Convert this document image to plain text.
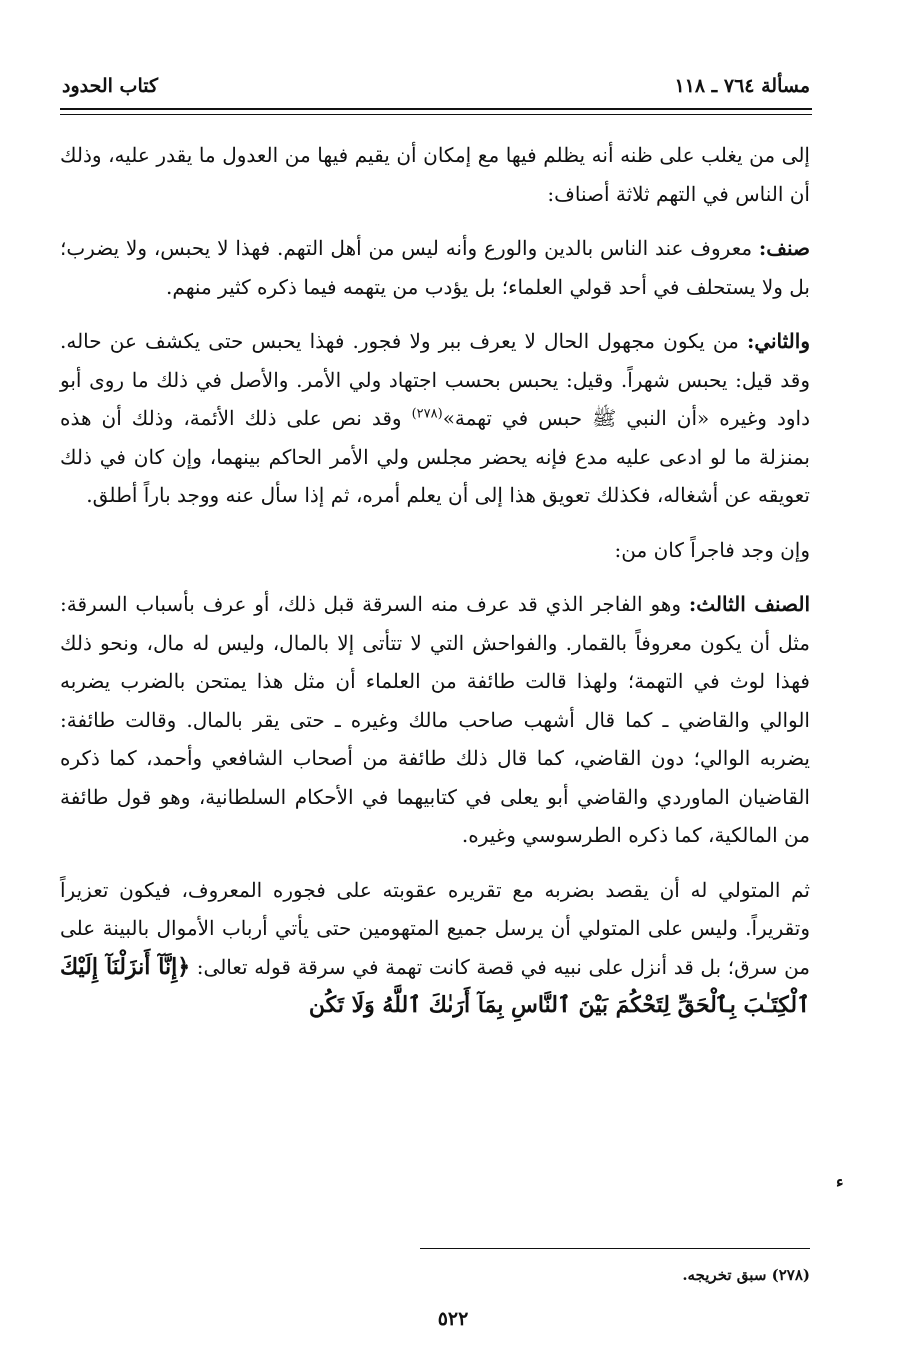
مسألة ٧٦٤ ـ ١١٨
كتاب الحدود

إلى من يغلب على ظنه أنه يظلم فيها مع إمكان أن يقيم فيها من العدول ما يقدر عليه، وذلك أن الناس في التهم ثلاثة أصناف:

صنف: معروف عند الناس بالدين والورع وأنه ليس من أهل التهم. فهذا لا يحبس، ولا يضرب؛ بل ولا يستحلف في أحد قولي العلماء؛ بل يؤدب من يتهمه فيما ذكره كثير منهم.

والثاني: من يكون مجهول الحال لا يعرف ببر ولا فجور. فهذا يحبس حتى يكشف عن حاله. وقد قيل: يحبس شهراً. وقيل: يحبس بحسب اجتهاد ولي الأمر. والأصل في ذلك ما روى أبو داود وغيره «أن النبي ﷺ حبس في تهمة»$^{(٢٧٨)}$ وقد نص على ذلك الأئمة، وذلك أن هذه بمنزلة ما لو ادعى عليه مدع فإنه يحضر مجلس ولي الأمر الحاكم بينهما، وإن كان في ذلك تعويقه عن أشغاله، فكذلك تعويق هذا إلى أن يعلم أمره، ثم إذا سأل عنه ووجد باراً أطلق.

وإن وجد فاجراً كان من:

الصنف الثالث: وهو الفاجر الذي قد عرف منه السرقة قبل ذلك، أو عرف بأسباب السرقة: مثل أن يكون معروفاً بالقمار. والفواحش التي لا تتأتى إلا بالمال، وليس له مال، ونحو ذلك فهذا لوث في التهمة؛ ولهذا قالت طائفة من العلماء أن مثل هذا يمتحن بالضرب يضربه الوالي والقاضي ـ كما قال أشهب صاحب مالك وغيره ـ حتى يقر بالمال. وقالت طائفة: يضربه الوالي؛ دون القاضي، كما قال ذلك طائفة من أصحاب الشافعي وأحمد، كما ذكره القاضيان الماوردي والقاضي أبو يعلى في كتابيهما في الأحكام السلطانية، وهو قول طائفة من المالكية، كما ذكره الطرسوسي وغيره.

ثم المتولي له أن يقصد بضربه مع تقريره عقوبته على فجوره المعروف، فيكون تعزيراً وتقريراً. وليس على المتولي أن يرسل جميع المتهومين حتى يأتي أرباب الأموال بالبينة على من سرق؛ بل قد أنزل على نبيه في قصة كانت تهمة في سرقة قوله تعالى: ﴿إِنَّآ أَنزَلْنَآ إِلَيْكَ ٱلْكِتَـٰبَ بِٱلْحَقِّ لِتَحْكُمَ بَيْنَ ٱلنَّاسِ بِمَآ أَرَىٰكَ ٱللَّهُ وَلَا تَكُن

ء
(٢٧٨) سبق تخريجه.
٥٢٢
